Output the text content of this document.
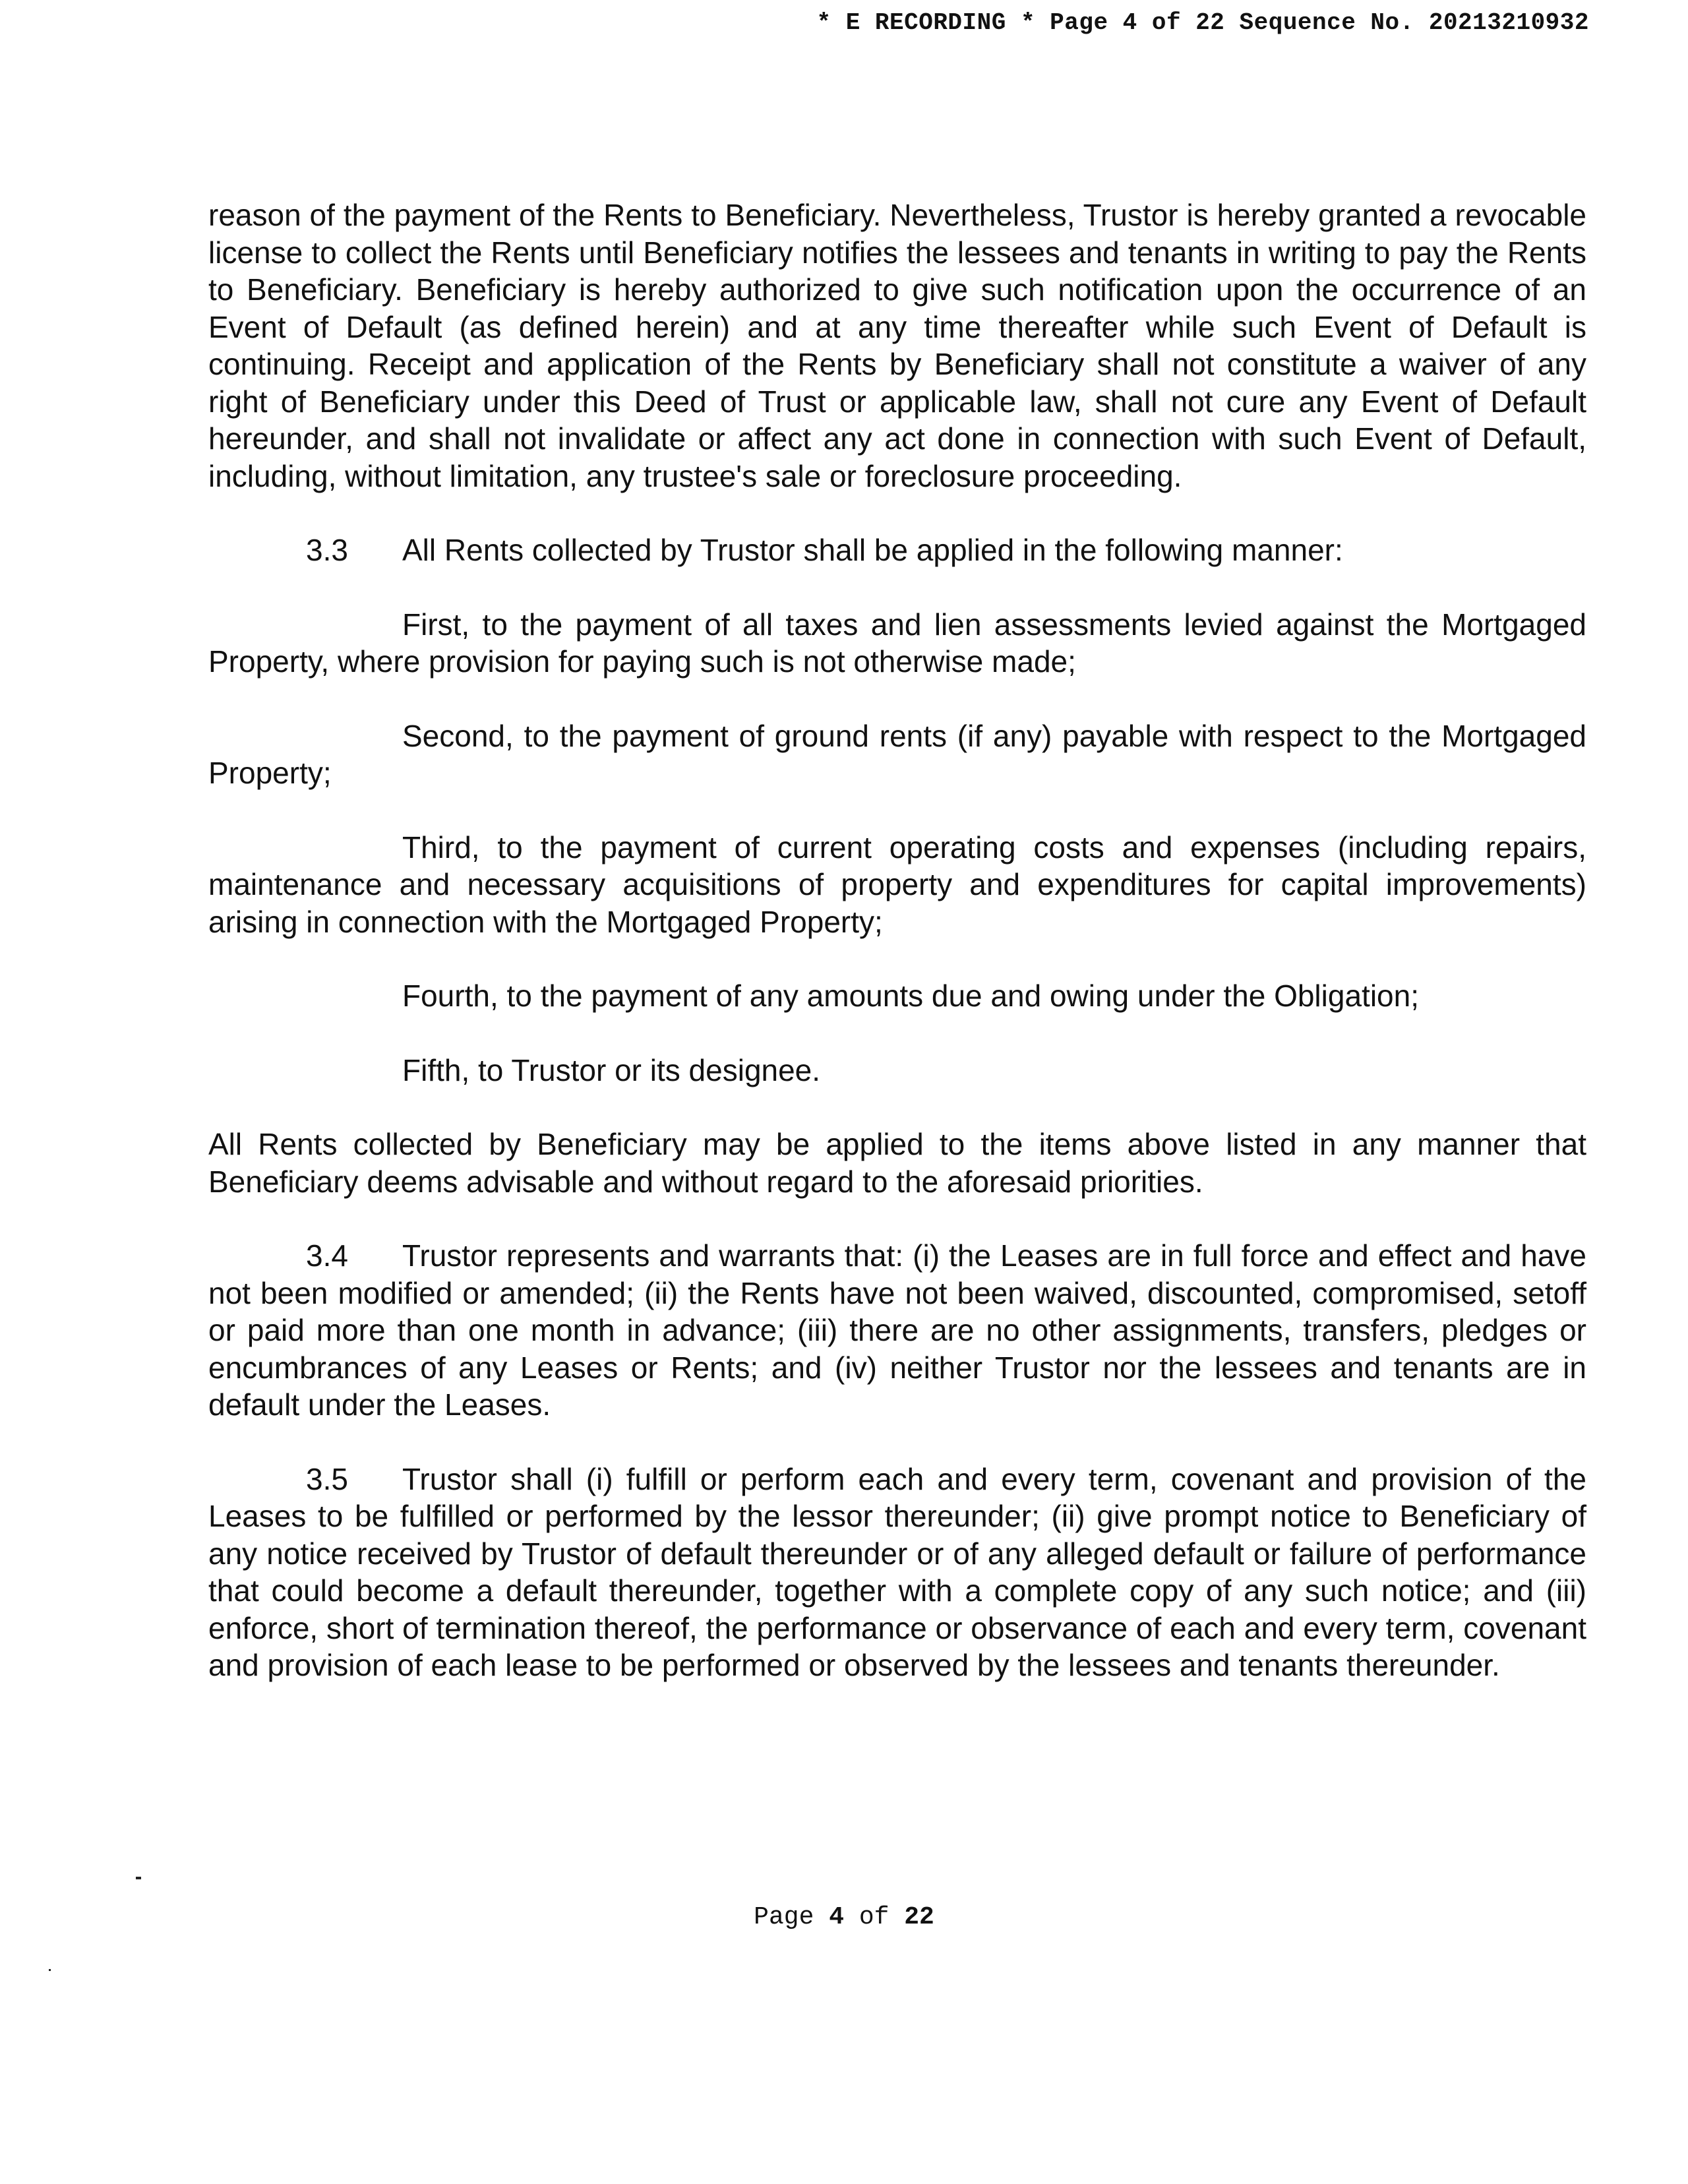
* E RECORDING * Page 4 of 22 Sequence No. 20213210932

reason of the payment of the Rents to Beneficiary. Nevertheless, Trustor is hereby granted a revocable license to collect the Rents until Beneficiary notifies the lessees and tenants in writing to pay the Rents to Beneficiary. Beneficiary is hereby authorized to give such notification upon the occurrence of an Event of Default (as defined herein) and at any time thereafter while such Event of Default is continuing. Receipt and application of the Rents by Beneficiary shall not constitute a waiver of any right of Beneficiary under this Deed of Trust or applicable law, shall not cure any Event of Default hereunder, and shall not invalidate or affect any act done in connection with such Event of Default, including, without limitation, any trustee's sale or foreclosure proceeding.

3.3 All Rents collected by Trustor shall be applied in the following manner:

First, to the payment of all taxes and lien assessments levied against the Mortgaged Property, where provision for paying such is not otherwise made;

Second, to the payment of ground rents (if any) payable with respect to the Mortgaged Property;

Third, to the payment of current operating costs and expenses (including repairs, maintenance and necessary acquisitions of property and expenditures for capital improvements) arising in connection with the Mortgaged Property;

Fourth, to the payment of any amounts due and owing under the Obligation;

Fifth, to Trustor or its designee.

All Rents collected by Beneficiary may be applied to the items above listed in any manner that Beneficiary deems advisable and without regard to the aforesaid priorities.

3.4 Trustor represents and warrants that: (i) the Leases are in full force and effect and have not been modified or amended; (ii) the Rents have not been waived, discounted, compromised, setoff or paid more than one month in advance; (iii) there are no other assignments, transfers, pledges or encumbrances of any Leases or Rents; and (iv) neither Trustor nor the lessees and tenants are in default under the Leases.

3.5 Trustor shall (i) fulfill or perform each and every term, covenant and provision of the Leases to be fulfilled or performed by the lessor thereunder; (ii) give prompt notice to Beneficiary of any notice received by Trustor of default thereunder or of any alleged default or failure of performance that could become a default thereunder, together with a complete copy of any such notice; and (iii) enforce, short of termination thereof, the performance or observance of each and every term, covenant and provision of each lease to be performed or observed by the lessees and tenants thereunder.

Page 4 of 22
